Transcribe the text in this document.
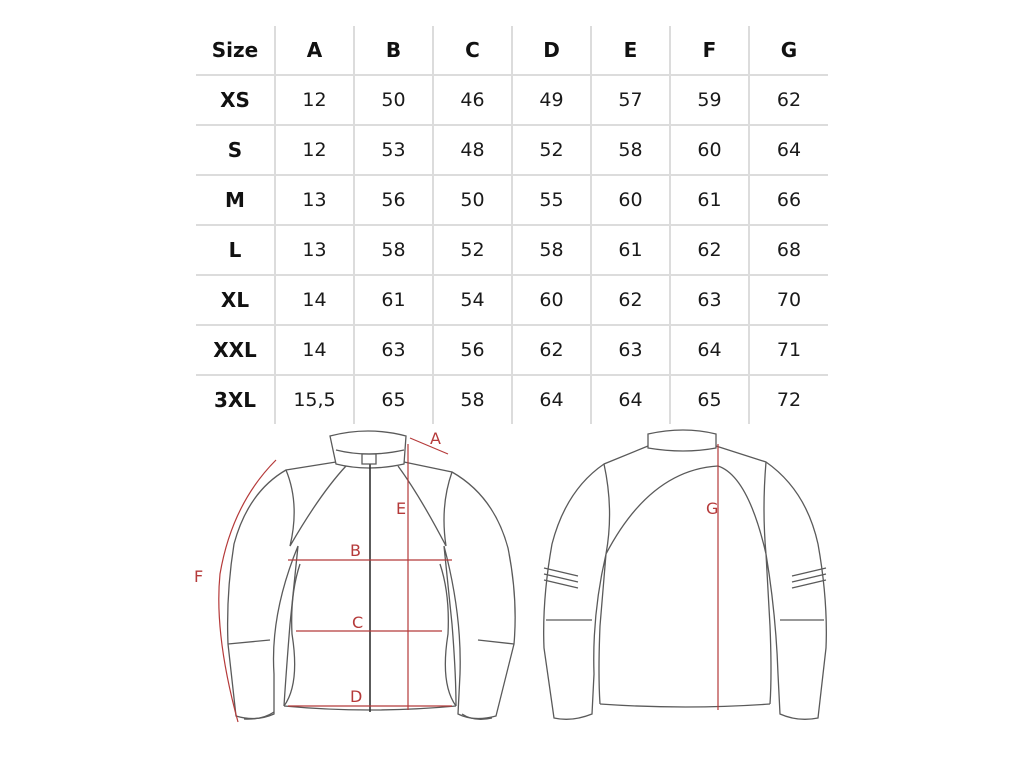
Size	A	B	C	D	E	F	G
XS	12	50	46	49	57	59	62
S	12	53	48	52	58	60	64
M	13	56	50	55	60	61	66
L	13	58	52	58	61	62	68
XL	14	61	54	60	62	63	70
XXL	14	63	56	62	63	64	71
3XL	15,5	65	58	64	64	65	72
A
B
C
D
E
F
G
